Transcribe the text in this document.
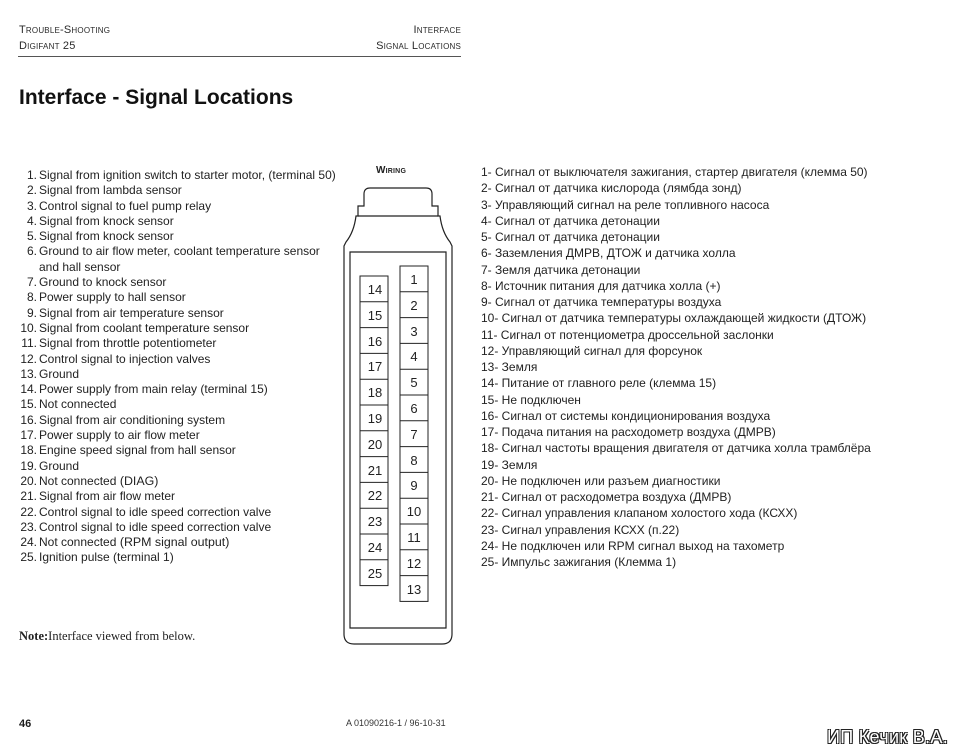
Trouble-Shooting
Digifant 25
Interface
Signal Locations
Interface - Signal Locations
1. Signal from ignition switch to starter motor, (terminal 50)
2. Signal from lambda sensor
3. Control signal to fuel pump relay
4. Signal from knock sensor
5. Signal from knock sensor
6. Ground to air flow meter, coolant temperature sensor
and hall sensor
7. Ground to knock sensor
8. Power supply to hall sensor
9. Signal from air temperature sensor
10. Signal from coolant temperature sensor
11. Signal from throttle potentiometer
12. Control signal to injection valves
13. Ground
14. Power supply from main relay (terminal 15)
15. Not connected
16. Signal from air conditioning system
17. Power supply to air flow meter
18. Engine speed signal from hall sensor
19. Ground
20. Not connected (DIAG)
21. Signal from air flow meter
22. Control signal to idle speed correction valve
23. Control signal to idle speed correction valve
24. Not connected (RPM signal output)
25. Ignition pulse (terminal 1)
Wiring
14
15
16
17
18
19
20
21
22
23
24
25
1
2
3
4
5
6
7
8
9
10
11
12
13
1- Сигнал от выключателя зажигания, стартер двигателя (клемма 50)
2- Сигнал от датчика кислорода (лямбда зонд)
3- Управляющий сигнал на реле топливного насоса
4- Сигнал от датчика детонации
5- Сигнал от датчика детонации
6- Заземления ДМРВ, ДТОЖ и датчика холла
7- Земля датчика детонации
8- Источник питания для датчика холла (+)
9- Сигнал от датчика температуры воздуха
10- Сигнал от датчика температуры охлаждающей жидкости (ДТОЖ)
11- Сигнал от потенциометра дроссельной заслонки
12- Управляющий сигнал для форсунок
13- Земля
14- Питание от главного реле (клемма 15)
15- Не подключен
16- Сигнал от системы кондиционирования воздуха
17- Подача питания на расходометр воздуха (ДМРВ)
18- Сигнал частоты вращения двигателя от датчика холла трамблёра
19- Земля
20- Не подключен или разъем диагностики
21- Сигнал от расходометра воздуха (ДМРВ)
22- Сигнал управления клапаном холостого хода (КСХХ)
23- Сигнал управления КСХХ (п.22)
24- Не подключен или RPM сигнал выход на тахометр
25- Импульс зажигания (Клемма 1)
Note:Interface viewed from below.
46	A 01090216-1 / 96-10-31
ИП Кечик В.А.
